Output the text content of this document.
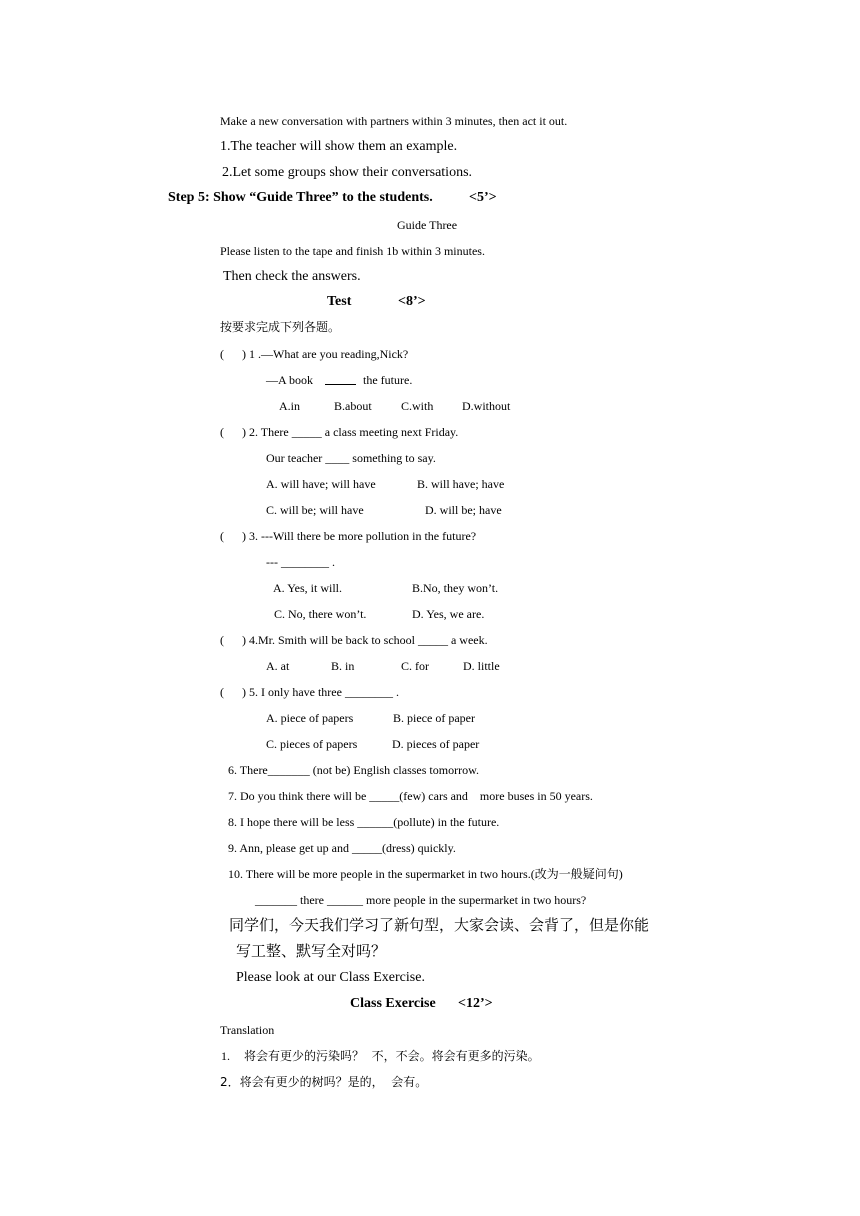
Make a new conversation with partners within 3 minutes, then act it out.
1.The teacher will show them an example.
2.Let some groups show their conversations.
Step 5: Show “Guide Three” to the students.	<5’>
Guide Three
Please listen to the tape and finish 1b within 3 minutes.
Then check the answers.
Test	<8’>
按要求完成下列各题。
(      ) 1 .—What are you reading,Nick?
—A book	the future.
A.in	B.about C.with D.without
(      ) 2. There _____ a class meeting next Friday.
Our teacher ____ something to say.
A. will have; will have	B. will have; have
C. will be; will have	D. will be; have
(      ) 3. ---Will there be more pollution in the future?
--- ________ .
A. Yes, it will.	B.No, they won’t.
C. No, there won’t.	D. Yes, we are.
(      ) 4.Mr. Smith will be back to school _____ a week.
A. at	B. in	C. for	D. little
(      ) 5. I only have three ________ .
A. piece of papers	B. piece of paper
C. pieces of papers	D. pieces of paper
6. There_______ (not be) English classes tomorrow.
7. Do you think there will be _____(few) cars and    more buses in 50 years.
8. I hope there will be less ______(pollute) in the future.
9. Ann, please get up and _____(dress) quickly.
10. There will be more people in the supermarket in two hours.(改为一般疑问句)
_______ there ______ more people in the supermarket in two hours?
同学们，今天我们学习了新句型，大家会读、会背了，但是你能
写工整、默写全对吗？
Please look at our Class Exercise.
Class Exercise <12’>
Translation
1. 将会有更少的污染吗？  不，不会。将会有更多的污染。
2．将会有更少的树吗？是的，  会有。
